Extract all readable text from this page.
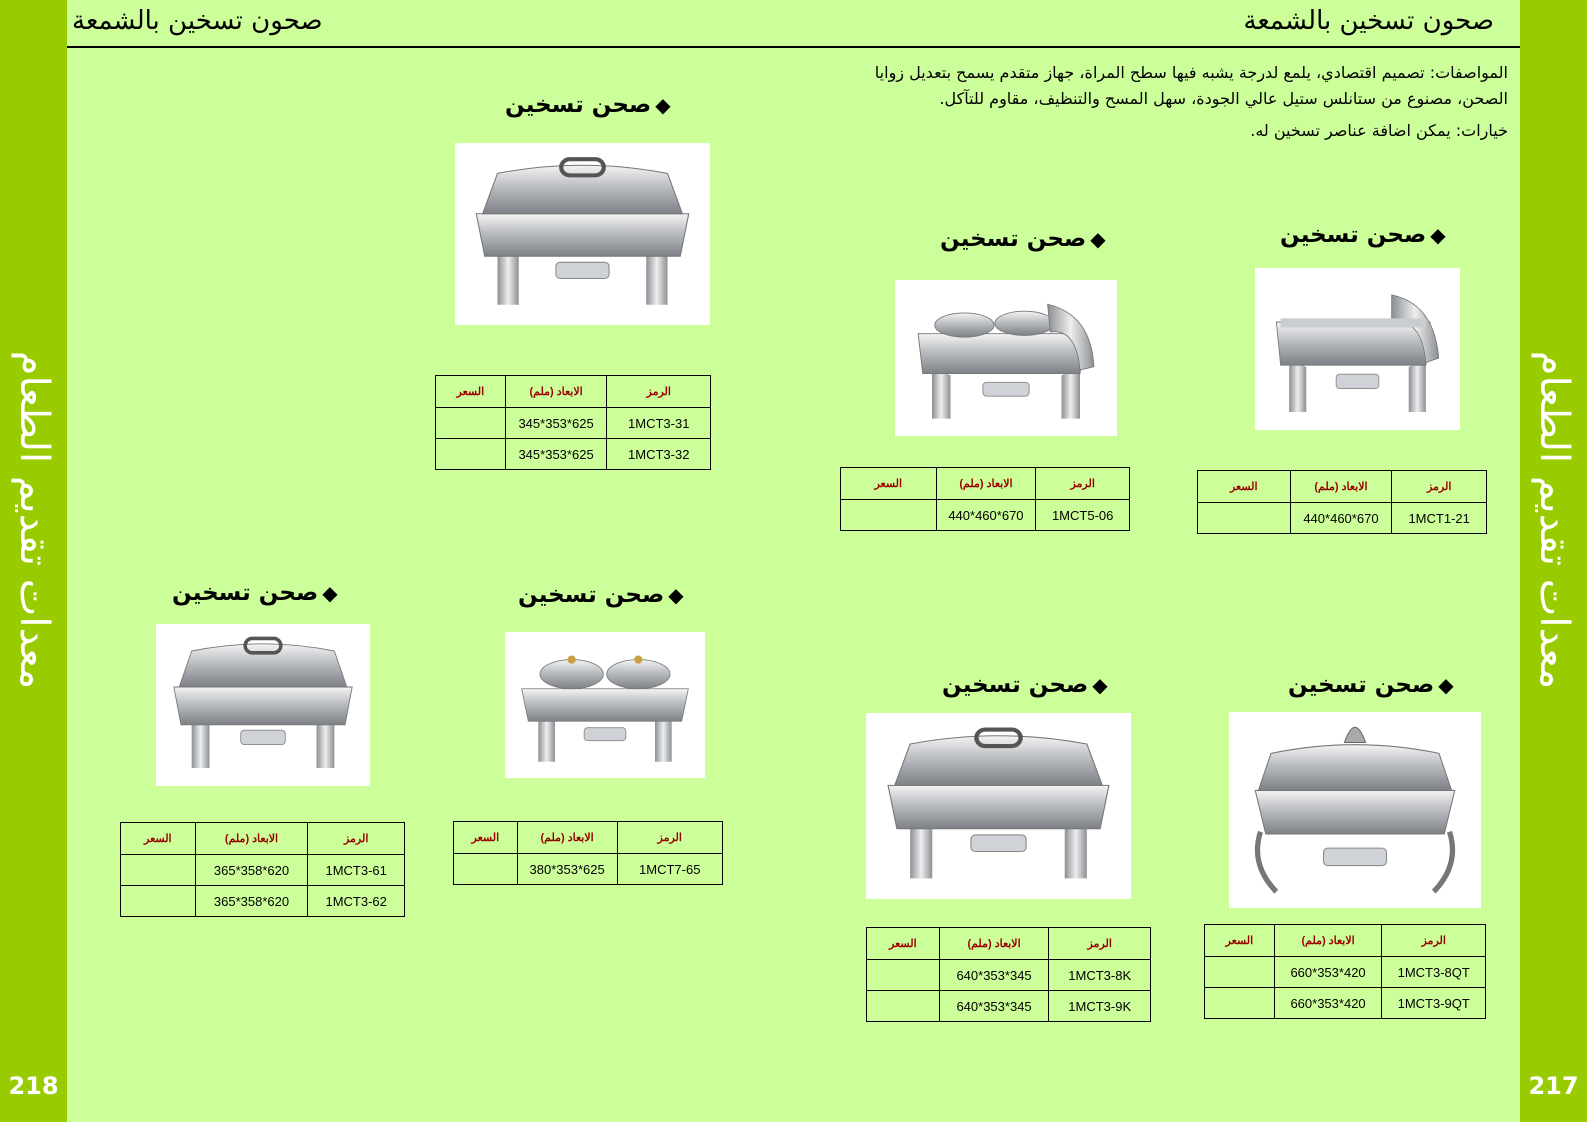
معدات تقديم الطعام
218
معدات تقديم الطعام
217
صحون تسخين بالشمعة
صحون تسخين بالشمعة

المواصفات: تصميم اقتصادي، يلمع لدرجة يشبه فيها سطح المراة، جهاز متقدم يسمح بتعديل زوايا الصحن، مصنوع من ستانلس ستيل عالي الجودة، سهل المسح والتنظيف، مقاوم للتآكل.

خيارات: يمكن اضافة عناصر تسخين له.

◆صحن تسخين
الرمز	الابعاد (ملم)	السعر
1MCT1-21	670*460*440	
◆صحن تسخين
الرمز	الابعاد (ملم)	السعر
1MCT5-06	670*460*440	
◆صحن تسخين
الرمز	الابعاد (ملم)	السعر
1MCT3-31	625*353*345	
1MCT3-32	625*353*345	
◆صحن تسخين
الرمز	الابعاد (ملم)	السعر
1MCT3-8QT	420*353*660	
1MCT3-9QT	420*353*660	
◆صحن تسخين
الرمز	الابعاد (ملم)	السعر
1MCT3-8K	345*353*640	
1MCT3-9K	345*353*640	
◆صحن تسخين
الرمز	الابعاد (ملم)	السعر
1MCT7-65	625*353*380	
◆صحن تسخين
الرمز	الابعاد (ملم)	السعر
1MCT3-61	620*358*365	
1MCT3-62	620*358*365	
